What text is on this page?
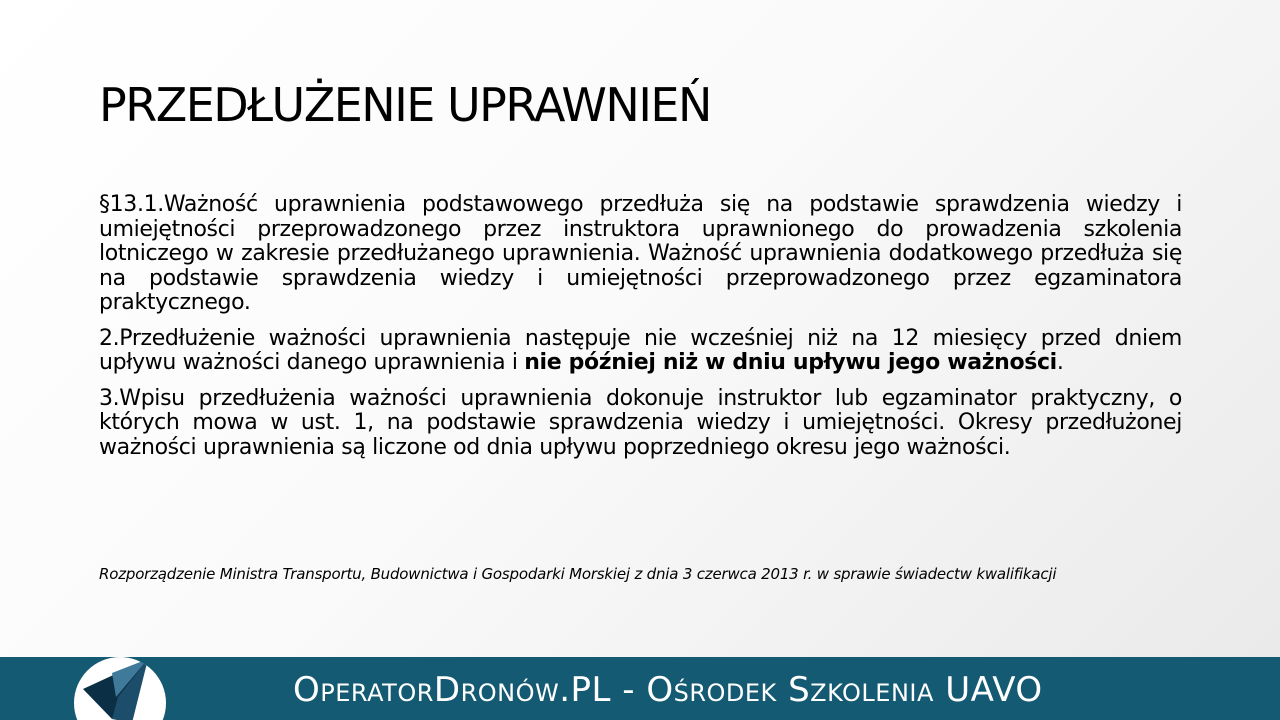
PRZEDŁUŻENIE UPRAWNIEŃ

§13.1.Ważność uprawnienia podstawowego przedłuża się na podstawie sprawdzenia wiedzy i umiejętności przeprowadzonego przez instruktora uprawnionego do prowadzenia szkolenia lotniczego w zakresie przedłużanego uprawnienia. Ważność uprawnienia dodatkowego przedłuża się na podstawie sprawdzenia wiedzy i umiejętności przeprowadzonego przez egzaminatora praktycznego.

2.Przedłużenie ważności uprawnienia następuje nie wcześniej niż na 12 miesięcy przed dniem upływu ważności danego uprawnienia i nie później niż w dniu upływu jego ważności.

3.Wpisu przedłużenia ważności uprawnienia dokonuje instruktor lub egzaminator praktyczny, o których mowa w ust. 1, na podstawie sprawdzenia wiedzy i umiejętności. Okresy przedłużonej ważności uprawnienia są liczone od dnia upływu poprzedniego okresu jego ważności.

Rozporządzenie Ministra Transportu, Budownictwa i Gospodarki Morskiej z dnia 3 czerwca 2013 r. w sprawie świadectw kwalifikacji

OperatorDronów.PL - Ośrodek Szkolenia UAVO
